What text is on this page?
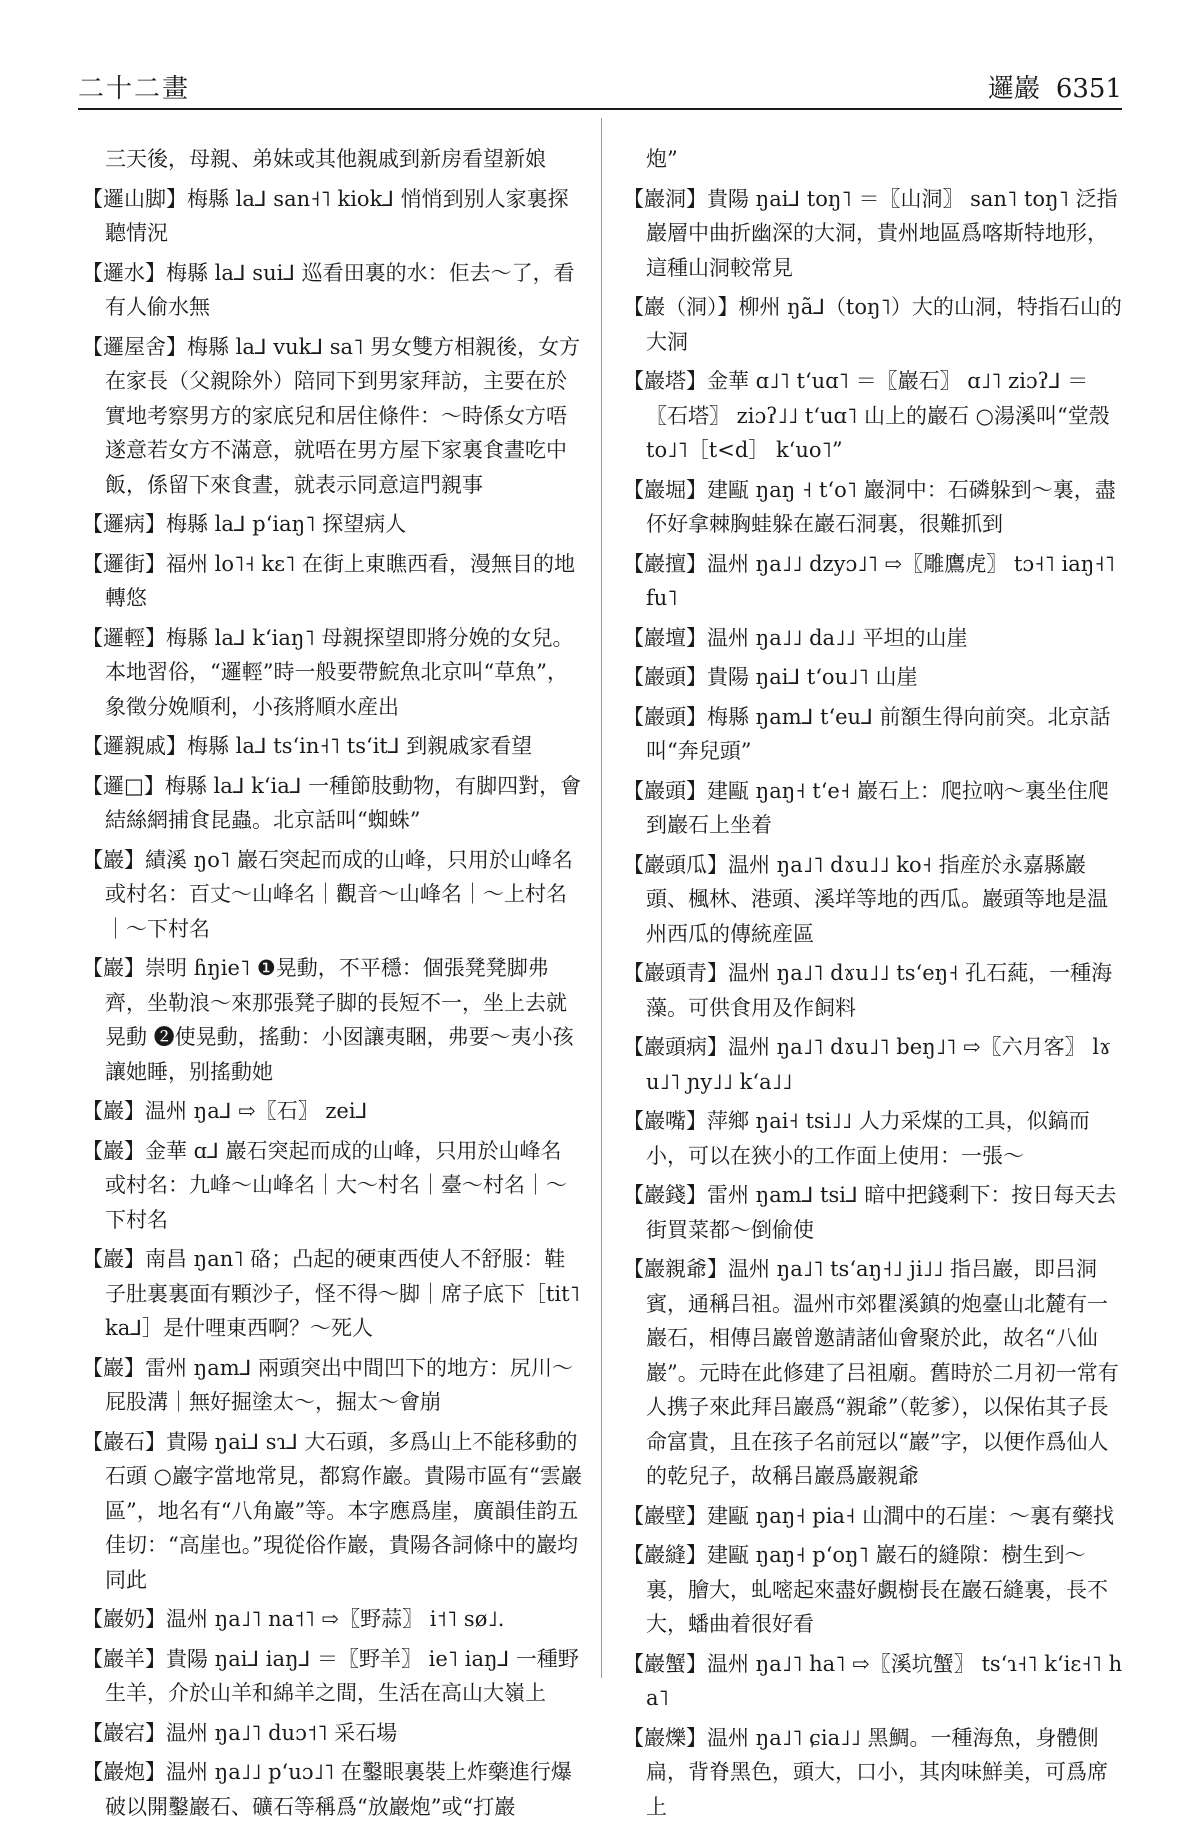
二十二畫	邏巖 6351

三天後，母親、弟妹或其他親戚到新房看望新娘

【邏山脚】梅縣 la⅃ san˧˥ kiok⅃ 悄悄到别人家裏探聽情況

【邏水】梅縣 la⅃ sui⅃ 巡看田裏的水：佢去～了，看有人偷水無

【邏屋舍】梅縣 la⅃ vuk⅃ sa˥ 男女雙方相親後，女方在家長（父親除外）陪同下到男家拜訪，主要在於實地考察男方的家底兒和居住條件：～時係女方唔遂意若女方不滿意，就唔在男方屋下家裏食晝吃中飯，係留下來食晝，就表示同意這門親事

【邏病】梅縣 la⅃ pʻiaŋ˥ 探望病人

【邏街】福州 lo˥˧ kɛ˥ 在街上東瞧西看，漫無目的地轉悠

【邏輕】梅縣 la⅃ kʻiaŋ˥ 母親探望即將分娩的女兒。本地習俗，“邏輕”時一般要帶鯇魚北京叫“草魚”，象徵分娩順利，小孩將順水産出

【邏親戚】梅縣 la⅃ tsʻin˧˥ tsʻit⅃ 到親戚家看望

【邏□】梅縣 la⅃ kʻia⅃ 一種節肢動物，有脚四對，會結絲網捕食昆蟲。北京話叫“蜘蛛”

【巖】績溪 ŋo˥ 巖石突起而成的山峰，只用於山峰名或村名：百丈～山峰名｜觀音～山峰名｜～上村名｜～下村名

【巖】崇明 ɦŋie˥ ❶晃動，不平穩：個張凳凳脚弗齊，坐勒浪～來那張凳子脚的長短不一，坐上去就晃動 ❷使晃動，搖動：小囡讓夷睏，弗要～夷小孩讓她睡，别搖動她

【巖】温州 ŋa⅃ ⇨〖石〗 zei⅃

【巖】金華 ɑ⅃ 巖石突起而成的山峰，只用於山峰名或村名：九峰～山峰名｜大～村名｜臺～村名｜～下村名

【巖】南昌 ŋan˥ 硌；凸起的硬東西使人不舒服：鞋子肚裏裏面有顆沙子，怪不得～脚｜席子底下［tit˥ ka⅃］是什哩東西啊？～死人

【巖】雷州 ŋam⅃ 兩頭突出中間凹下的地方：尻川～屁股溝｜無好掘塗太～，掘太～會崩

【巖石】貴陽 ŋai⅃ sɿ⅃ 大石頭，多爲山上不能移動的石頭 ○巖字當地常見，都寫作巖。貴陽市區有“雲巖區”，地名有“八角巖”等。本字應爲崖，廣韻佳韵五佳切：“高崖也。”現從俗作巖，貴陽各詞條中的巖均同此

【巖奶】温州 ŋa˩˥ na˦˥ ⇨〖野蒜〗 i˦˥ sø˩.

【巖羊】貴陽 ŋai⅃ iaŋ⅃ ＝〖野羊〗 ie˥ iaŋ⅃ 一種野生羊，介於山羊和綿羊之間，生活在高山大嶺上

【巖宕】温州 ŋa˩˥ duɔ˦˥ 采石場

【巖炮】温州 ŋa˩˩ pʻuɔ˩˥ 在鑿眼裏裝上炸藥進行爆破以開鑿巖石、礦石等稱爲“放巖炮”或“打巖

炮”

【巖洞】貴陽 ŋai⅃ toŋ˥ ＝〖山洞〗 san˥ toŋ˥ 泛指巖層中曲折幽深的大洞，貴州地區爲喀斯特地形，這種山洞較常見

【巖（洞）】柳州 ŋã⅃（toŋ˥）大的山洞，特指石山的大洞

【巖塔】金華 ɑ˩˥ tʻuɑ˥ ＝〖巖石〗 ɑ˩˥ ziɔʔ⅃ ＝〖石塔〗 ziɔʔ˩˩ tʻuɑ˥ 山上的巖石 ○湯溪叫“堂殼 to˩˥［t<d］ kʻuo˥”

【巖堀】建甌 ŋaŋ ˧ tʻo˥ 巖洞中：石磷躲到～裏，盡伓好拿棘胸蛙躲在巖石洞裏，很難抓到

【巖擅】温州 ŋa˩˩ dzyɔ˩˥ ⇨〖雕鷹虎〗 tɔ˧˥ iaŋ˧˥ fu˥

【巖壇】温州 ŋa˩˩ da˩˩ 平坦的山崖

【巖頭】貴陽 ŋai⅃ tʻou˩˥ 山崖

【巖頭】梅縣 ŋam⅃ tʻeu⅃ 前額生得向前突。北京話叫“奔兒頭”

【巖頭】建甌 ŋaŋ˧ tʻe˧ 巖石上：爬拉吶～裏坐住爬到巖石上坐着

【巖頭瓜】温州 ŋa˩˥ dɤu˩˩ ko˧ 指産於永嘉縣巖頭、楓林、港頭、溪垟等地的西瓜。巖頭等地是温州西瓜的傳統産區

【巖頭青】温州 ŋa˩˥ dɤu˩˩ tsʻeŋ˧ 孔石蒓，一種海藻。可供食用及作飼料

【巖頭病】温州 ŋa˩˥ dɤu˩˥ beŋ˩˥ ⇨〖六月客〗 lɤu˩˥ ɲy˩˩ kʻa˩˩

【巖嘴】萍鄉 ŋai˧ tsi˩˩ 人力采煤的工具，似鎬而小，可以在狹小的工作面上使用：一張～

【巖錢】雷州 ŋam⅃ tsi⅃ 暗中把錢剩下：按日每天去街買菜都～倒偷使

【巖親爺】温州 ŋa˩˥ tsʻaŋ˧˩ ji˩˩ 指吕巖，即吕洞賓，通稱吕祖。温州市郊瞿溪鎮的炮臺山北麓有一巖石，相傳吕巖曾邀請諸仙會聚於此，故名“八仙巖”。元時在此修建了吕祖廟。舊時於二月初一常有人携子來此拜吕巖爲“親爺”（乾爹），以保佑其子長命富貴，且在孩子名前冠以“巖”字，以便作爲仙人的乾兒子，故稱吕巖爲巖親爺

【巖壁】建甌 ŋaŋ˧ pia˧ 山澗中的石崖：～裏有藥找

【巖縫】建甌 ŋaŋ˧ pʻoŋ˥ 巖石的縫隙：樹生到～裏，膾大，虬嘧起來盡好覷樹長在巖石縫裏，長不大，蟠曲着很好看

【巖蟹】温州 ŋa˩˥ ha˥ ⇨〖溪坑蟹〗 tsʻɿ˧˥ kʻiɛ˧˥ ha˥

【巖爍】温州 ŋa˩˥ ɕia˩˩ 黑鯛。一種海魚，身體側扁，背脊黑色，頭大，口小，其肉味鮮美，可爲席上
